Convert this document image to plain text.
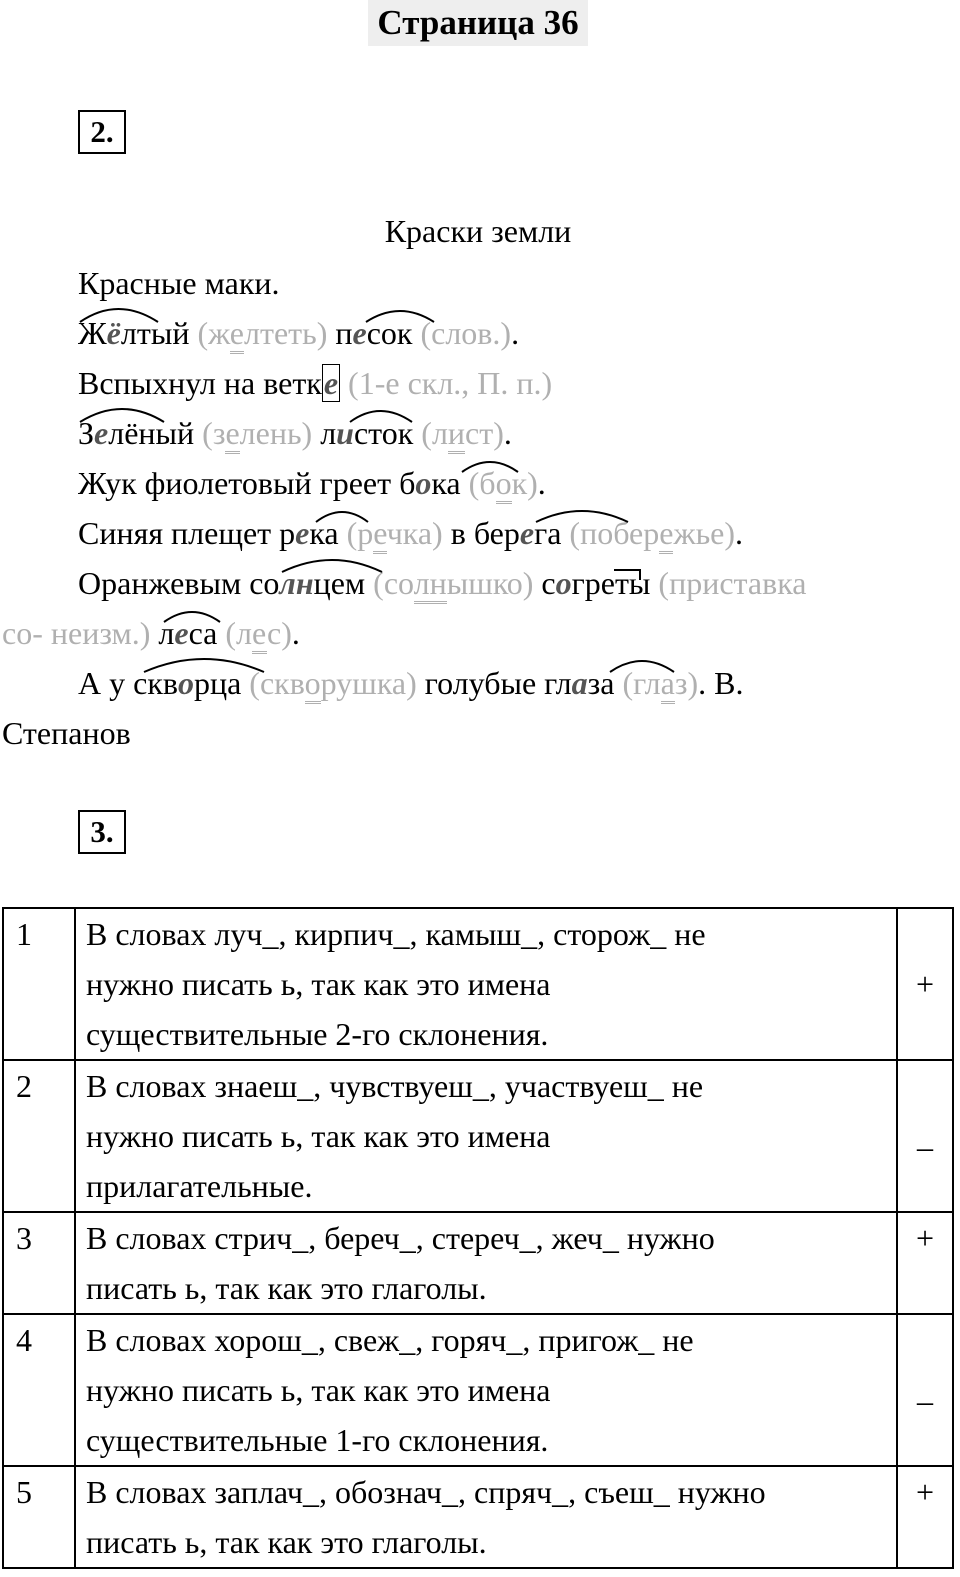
Страница 36
2.
Краски земли
Красные маки.
Жёлтый (желтеть) песок (слов.).
Вспыхнул на ветке (1-е скл., П. п.)
Зелёный (зелень) листок (лист).
Жук фиолетовый греет бока (бок).
Синяя плещет река (речка) в берега (побережье).
Оранжевым солнцем (солнышко) согреты (приставка
со- неизм.) леса (лес).
А у скворца (скворушка) голубые глаза (глаз). В.
Степанов
3.
1	В словах луч_, кирпич_, камыш_, сторож_ не
нужно писать ь, так как это имена
существительные 2-го склонения.	+

2	В словах знаеш_, чувствуеш_, участвуеш_ не
нужно писать ь, так как это имена
прилагательные.	_

3	В словах стрич_, береч_, стереч_, жеч_ нужно
писать ь, так как это глаголы.	+
4	В словах хорош_, свеж_, горяч_, пригож_ не
нужно писать ь, так как это имена
существительные 1-го склонения.	_

5	В словах заплач_, обознач_, спряч_, съеш_ нужно
писать ь, так как это глаголы.	+
